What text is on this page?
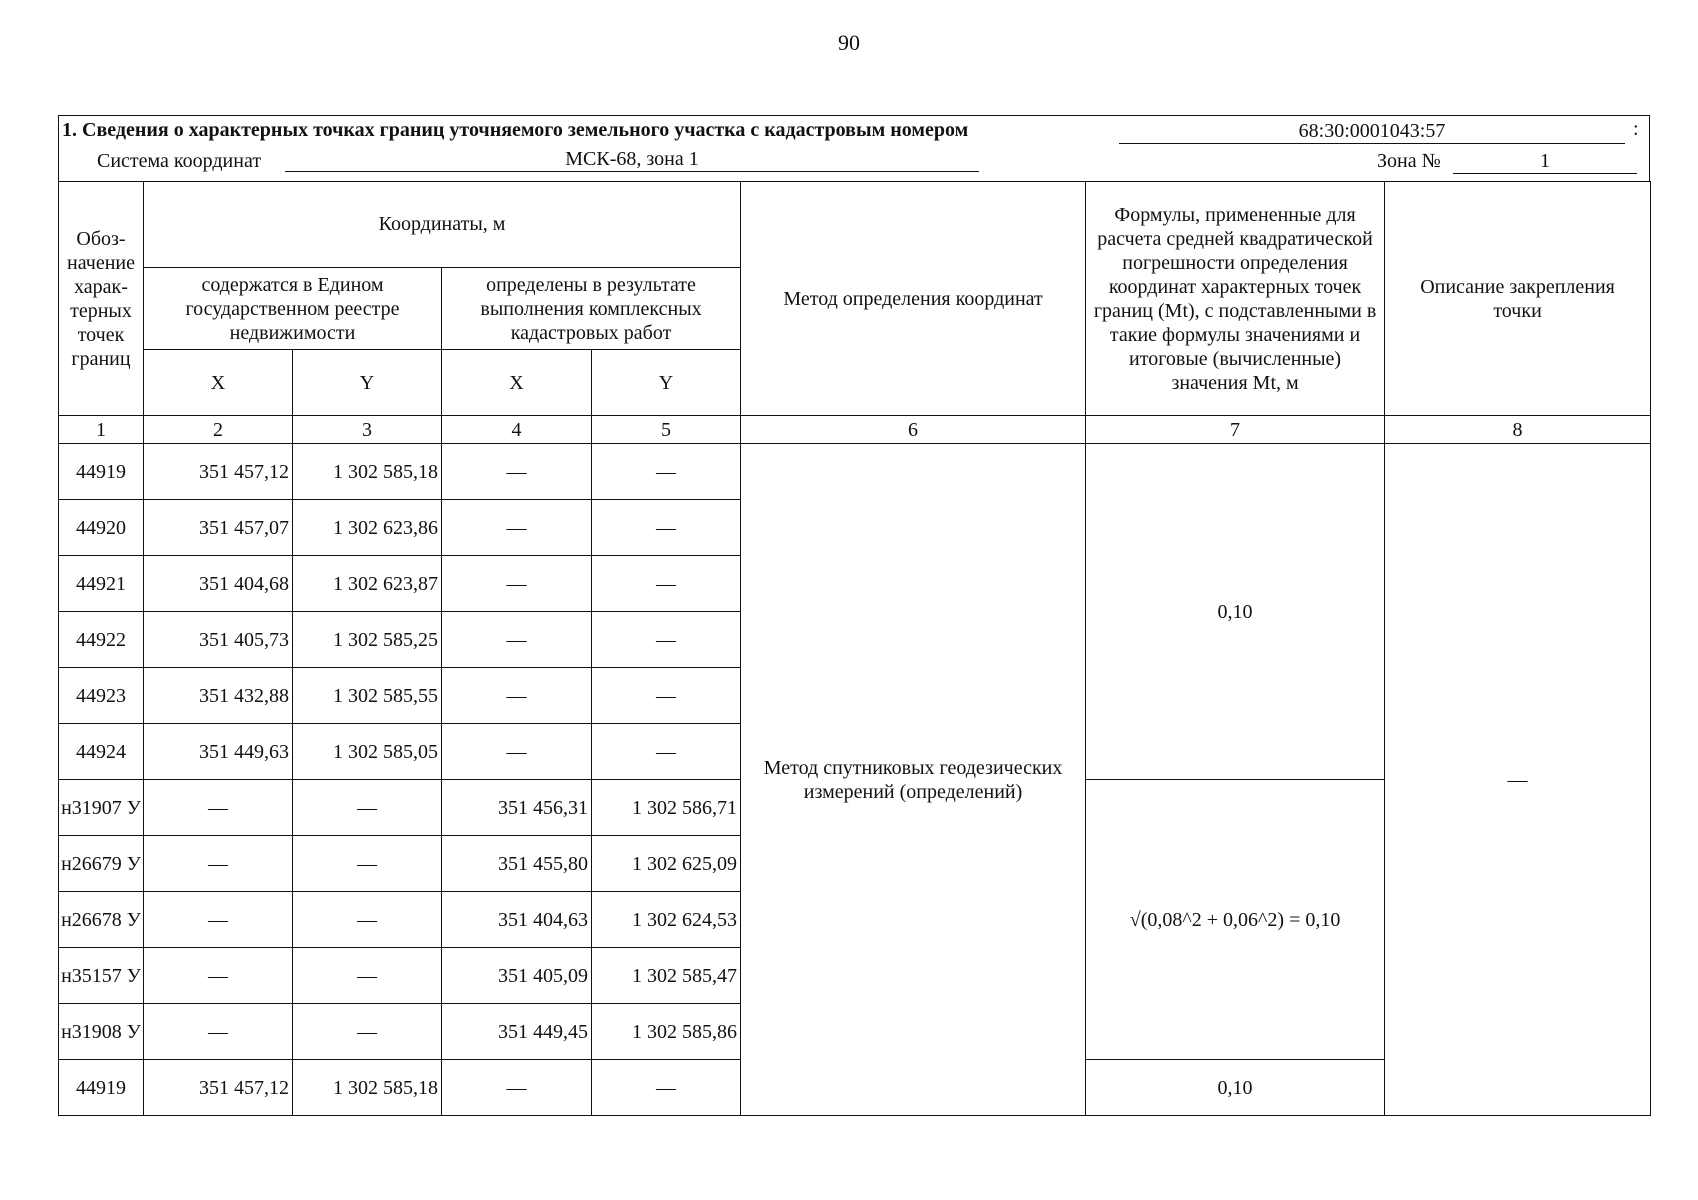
90
1. Сведения о характерных точках границ уточняемого земельного участка с кадастровым номером	68:30:0001043:57	:
Система координат	МСК-68, зона 1	Зона №	1
Обоз-начение харак-терных точек границ	Координаты, м				Метод определения координат	Формулы, примененные для расчета средней квадратической погрешности определения координат характерных точек границ (Mt), с подставленными в такие формулы значениями и итоговые (вычисленные) значения Mt, м	Описание закрепления точки
	содержатся в Едином государственном реестре недвижимости		определены в результате выполнения комплексных кадастровых работ				
	X	Y	X	Y			
1	2	3	4	5	6	7	8
44919	351 457,12	1 302 585,18	—	—	Метод спутниковых геодезических измерений (определений)	0,10	—
44920	351 457,07	1 302 623,86	—	—			
44921	351 404,68	1 302 623,87	—	—			
44922	351 405,73	1 302 585,25	—	—			
44923	351 432,88	1 302 585,55	—	—			
44924	351 449,63	1 302 585,05	—	—			
н31907 У	—	—	351 456,31	1 302 586,71		√(0,08^2 + 0,06^2) = 0,10	
н26679 У	—	—	351 455,80	1 302 625,09			
н26678 У	—	—	351 404,63	1 302 624,53			
н35157 У	—	—	351 405,09	1 302 585,47			
н31908 У	—	—	351 449,45	1 302 585,86			
44919	351 457,12	1 302 585,18	—	—		0,10	
